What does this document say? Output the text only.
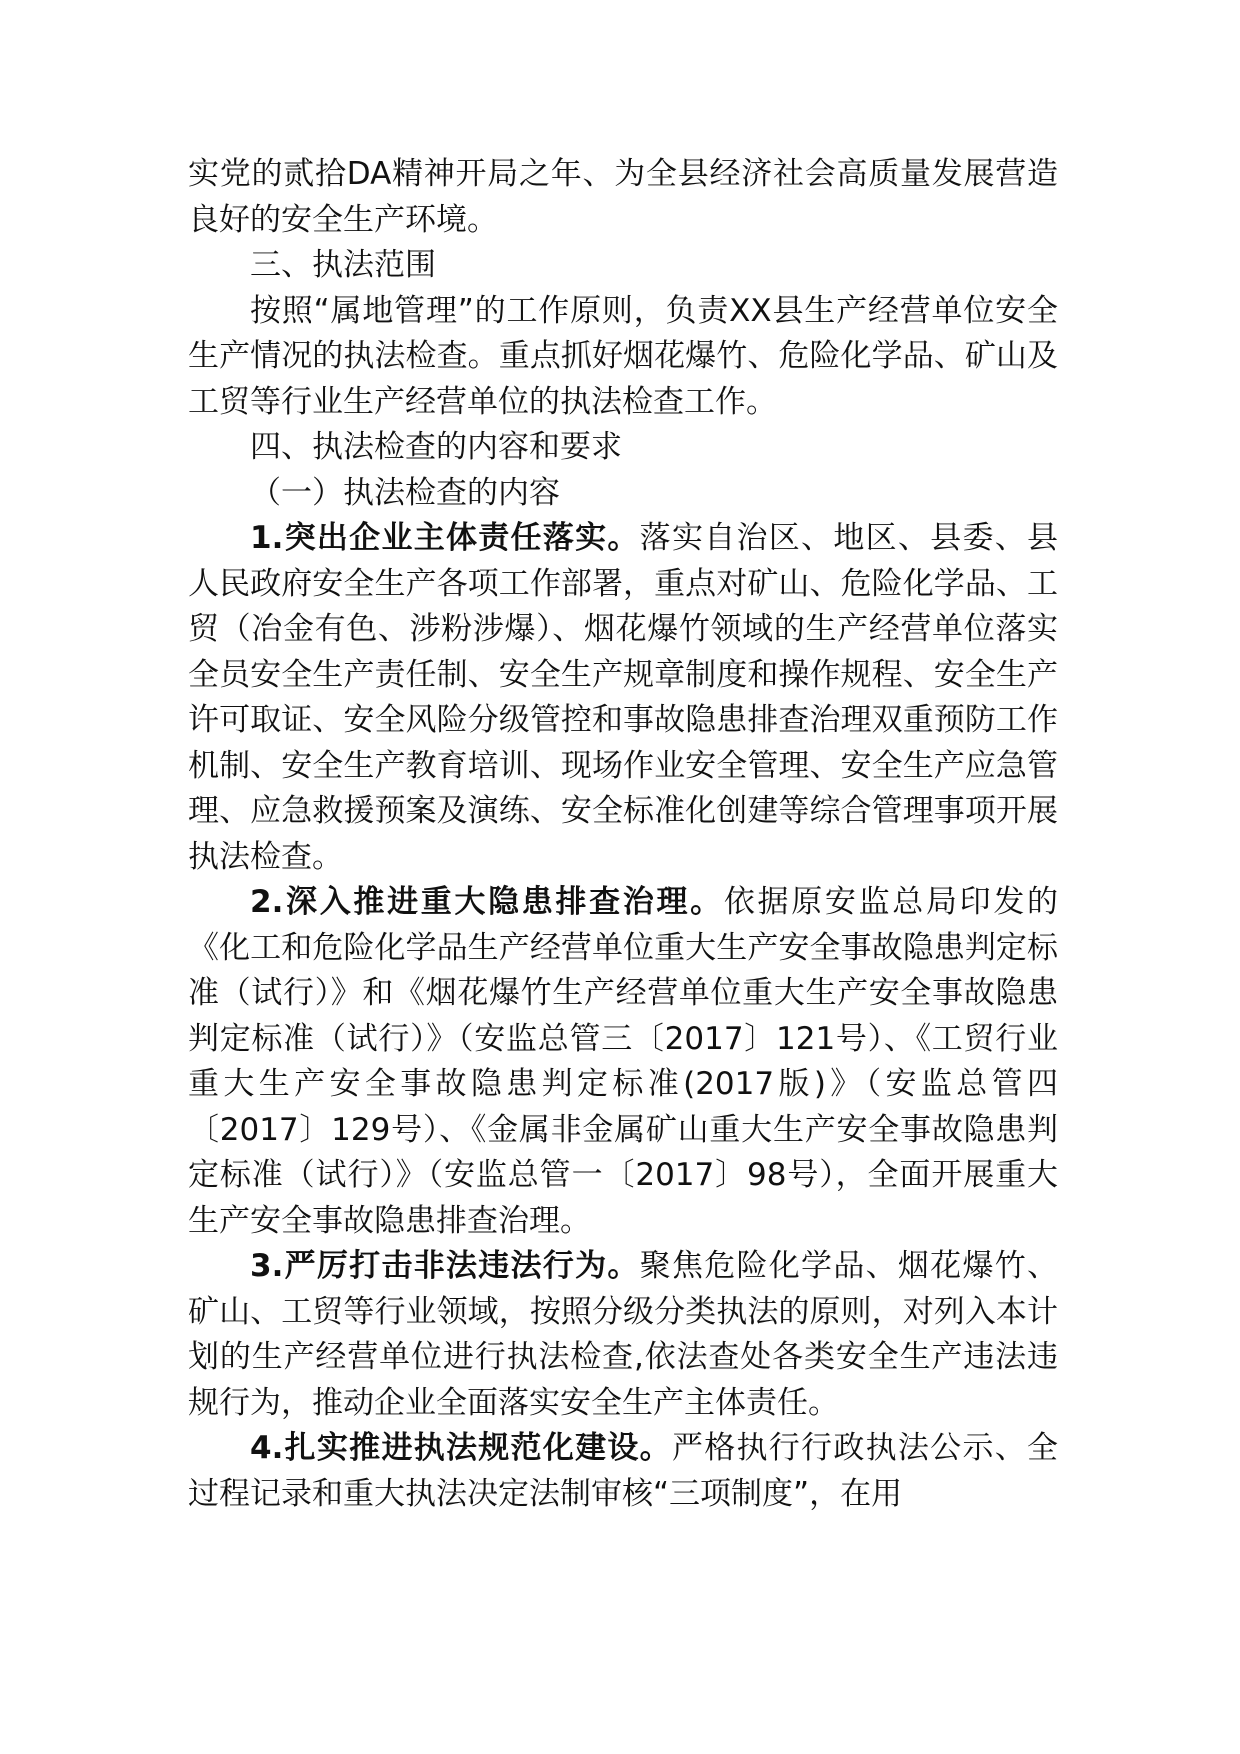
实党的贰拾DA精神开局之年、为全县经济社会高质量发展营造良好的安全生产环境。

三、执法范围

按照“属地管理”的工作原则，负责XX县生产经营单位安全生产情况的执法检查。重点抓好烟花爆竹、危险化学品、矿山及工贸等行业生产经营单位的执法检查工作。

四、执法检查的内容和要求

（一）执法检查的内容

1.突出企业主体责任落实。落实自治区、地区、县委、县人民政府安全生产各项工作部署，重点对矿山、危险化学品、工贸（冶金有色、涉粉涉爆）、烟花爆竹领域的生产经营单位落实全员安全生产责任制、安全生产规章制度和操作规程、安全生产许可取证、安全风险分级管控和事故隐患排查治理双重预防工作机制、安全生产教育培训、现场作业安全管理、安全生产应急管理、应急救援预案及演练、安全标准化创建等综合管理事项开展执法检查。

2.深入推进重大隐患排查治理。依据原安监总局印发的《化工和危险化学品生产经营单位重大生产安全事故隐患判定标准（试行）》和《烟花爆竹生产经营单位重大生产安全事故隐患判定标准（试行）》（安监总管三〔2017〕121号）、《工贸行业重大生产安全事故隐患判定标准(2017版)》（安监总管四〔2017〕129号）、《金属非金属矿山重大生产安全事故隐患判定标准（试行）》（安监总管一〔2017〕98号），全面开展重大生产安全事故隐患排查治理。

3.严厉打击非法违法行为。聚焦危险化学品、烟花爆竹、矿山、工贸等行业领域，按照分级分类执法的原则，对列入本计划的生产经营单位进行执法检查,依法查处各类安全生产违法违规行为，推动企业全面落实安全生产主体责任。

4.扎实推进执法规范化建设。严格执行行政执法公示、全过程记录和重大执法决定法制审核“三项制度”，在用
